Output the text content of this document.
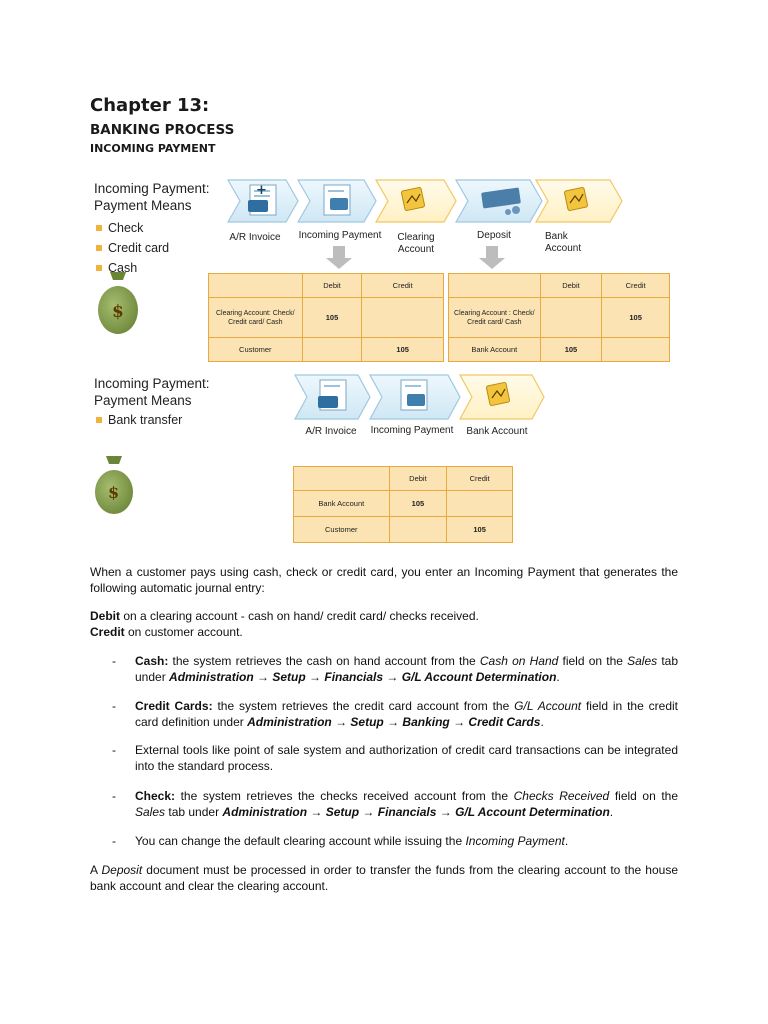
Chapter 13:
BANKING PROCESS
INCOMING PAYMENT
+
$
$
Incoming Payment:
Payment Means
Check
Credit card
Cash
A/R Invoice	Incoming Payment	Clearing
Account
Deposit	Bank
Account
	Debit	Credit
Clearing Account: Check/ Credit card/ Cash	105	
Customer		105
	Debit	Credit
Clearing Account : Check/ Credit card/ Cash		105
Bank Account	105	
Incoming Payment:
Payment Means
Bank transfer
A/R Invoice	Incoming Payment	Bank Account
	Debit	Credit
Bank Account	105	
Customer		105

When a customer pays using cash, check or credit card, you enter an Incoming Payment that generates the following automatic journal entry:

Debit on a clearing account - cash on hand/ credit card/ checks received.

Credit on customer account.

- Cash: the system retrieves the cash on hand account from the Cash on Hand field on the Sales tab under Administration → Setup → Financials → G/L Account Determination.
- Credit Cards: the system retrieves the credit card account from the G/L Account field in the credit card definition under Administration → Setup → Banking → Credit Cards.
- External tools like point of sale system and authorization of credit card transactions can be integrated into the standard process.
- Check: the system retrieves the checks received account from the Checks Received field on the Sales tab under Administration → Setup → Financials → G/L Account Determination.
- You can change the default clearing account while issuing the Incoming Payment.

A Deposit document must be processed in order to transfer the funds from the clearing account to the house bank account and clear the clearing account.
